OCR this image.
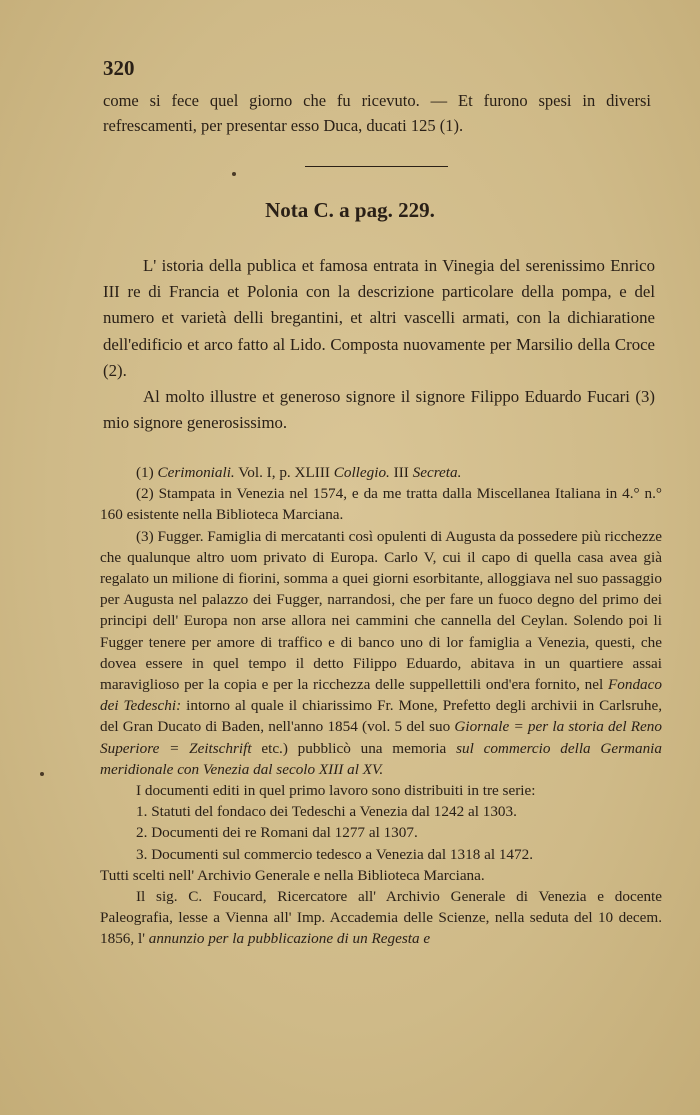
320
come si fece quel giorno che fu ricevuto. — Et furono spesi in diversi refrescamenti, per presentar esso Duca, ducati 125 (1).
Nota C. a pag. 229.

L' istoria della publica et famosa entrata in Vinegia del serenissimo Enrico III re di Francia et Polonia con la descrizione particolare della pompa, e del numero et varietà delli bregantini, et altri vascelli armati, con la dichiaratione dell'edificio et arco fatto al Lido. Composta nuovamente per Marsilio della Croce (2).

Al molto illustre et generoso signore il signore Filippo Eduardo Fucari (3) mio signore generosissimo.

(1) Cerimoniali. Vol. I, p. XLIII Collegio. III Secreta.

(2) Stampata in Venezia nel 1574, e da me tratta dalla Miscellanea Italiana in 4.° n.° 160 esistente nella Biblioteca Marciana.

(3) Fugger. Famiglia di mercatanti così opulenti di Augusta da possedere più ricchezze che qualunque altro uom privato di Europa. Carlo V, cui il capo di quella casa avea già regalato un milione di fiorini, somma a quei giorni esorbitante, alloggiava nel suo passaggio per Augusta nel palazzo dei Fugger, narrandosi, che per fare un fuoco degno del primo dei principi dell' Europa non arse allora nei cammini che cannella del Ceylan. Solendo poi li Fugger tenere per amore di traffico e di banco uno di lor famiglia a Venezia, questi, che dovea essere in quel tempo il detto Filippo Eduardo, abitava in un quartiere assai maraviglioso per la copia e per la ricchezza delle suppellettili ond'era fornito, nel Fondaco dei Tedeschi: intorno al quale il chiarissimo Fr. Mone, Prefetto degli archivii in Carlsruhe, del Gran Ducato di Baden, nell'anno 1854 (vol. 5 del suo Giornale = per la storia del Reno Superiore = Zeitschrift etc.) pubblicò una memoria sul commercio della Germania meridionale con Venezia dal secolo XIII al XV.

I documenti editi in quel primo lavoro sono distribuiti in tre serie:

1. Statuti del fondaco dei Tedeschi a Venezia dal 1242 al 1303.

2. Documenti dei re Romani dal 1277 al 1307.

3. Documenti sul commercio tedesco a Venezia dal 1318 al 1472.

Tutti scelti nell' Archivio Generale e nella Biblioteca Marciana.

Il sig. C. Foucard, Ricercatore all' Archivio Generale di Venezia e docente Paleografia, lesse a Vienna all' Imp. Accademia delle Scienze, nella seduta del 10 decem. 1856, l' annunzio per la pubblicazione di un Regesta e
